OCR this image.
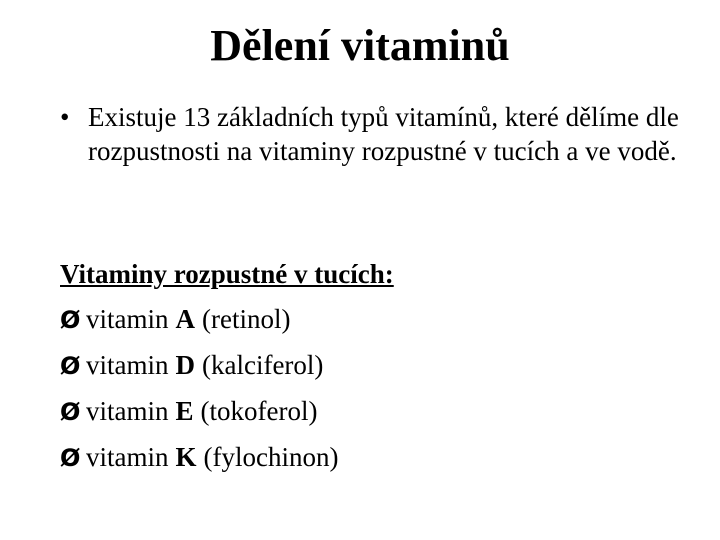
Dělení vitaminů
• Existuje 13 základních typů vitamínů, které dělíme dle rozpustnosti na vitaminy rozpustné v tucích a ve vodě.
Vitaminy rozpustné v tucích:
Ø vitamin A (retinol)
Ø vitamin D (kalciferol)
Ø vitamin E (tokoferol)
Ø vitamin K (fylochinon)
